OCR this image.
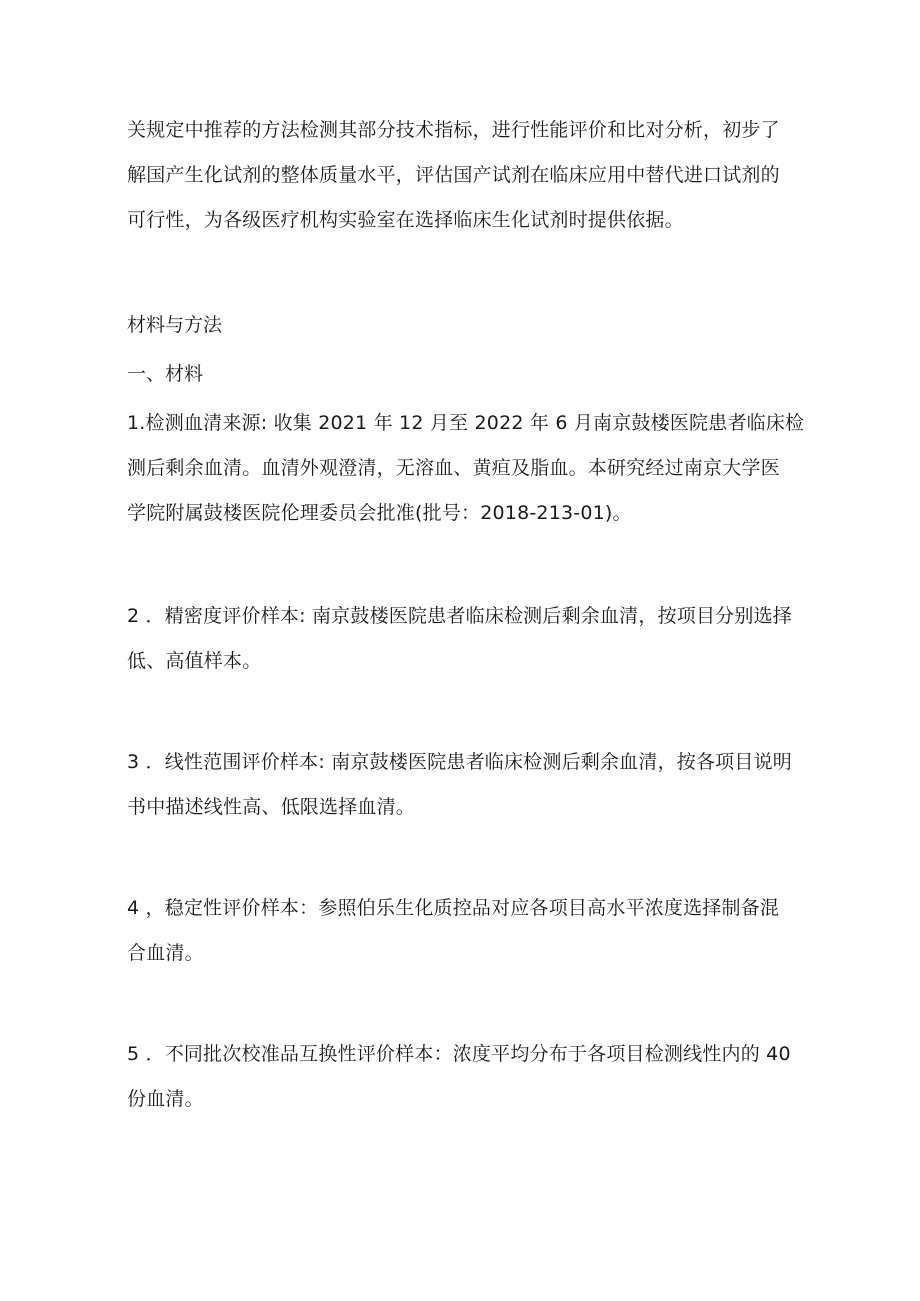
关规定中推荐的方法检测其部分技术指标，进行性能评价和比对分析，初步了
解国产生化试剂的整体质量水平，评估国产试剂在临床应用中替代进口试剂的
可行性，为各级医疗机构实验室在选择临床生化试剂时提供依据。
材料与方法
一、材料
1.检测血清来源: 收集 2021 年 12 月至 2022 年 6 月南京鼓楼医院患者临床检
测后剩余血清。血清外观澄清，无溶血、黄疸及脂血。本研究经过南京大学医
学院附属鼓楼医院伦理委员会批准(批号：2018-213-01)。
2 ．精密度评价样本: 南京鼓楼医院患者临床检测后剩余血清，按项目分别选择
低、高值样本。
3 ．线性范围评价样本: 南京鼓楼医院患者临床检测后剩余血清，按各项目说明
书中描述线性高、低限选择血清。
4 ，稳定性评价样本：参照伯乐生化质控品对应各项目高水平浓度选择制备混
合血清。
5 ．不同批次校准品互换性评价样本：浓度平均分布于各项目检测线性内的 40
份血清。
